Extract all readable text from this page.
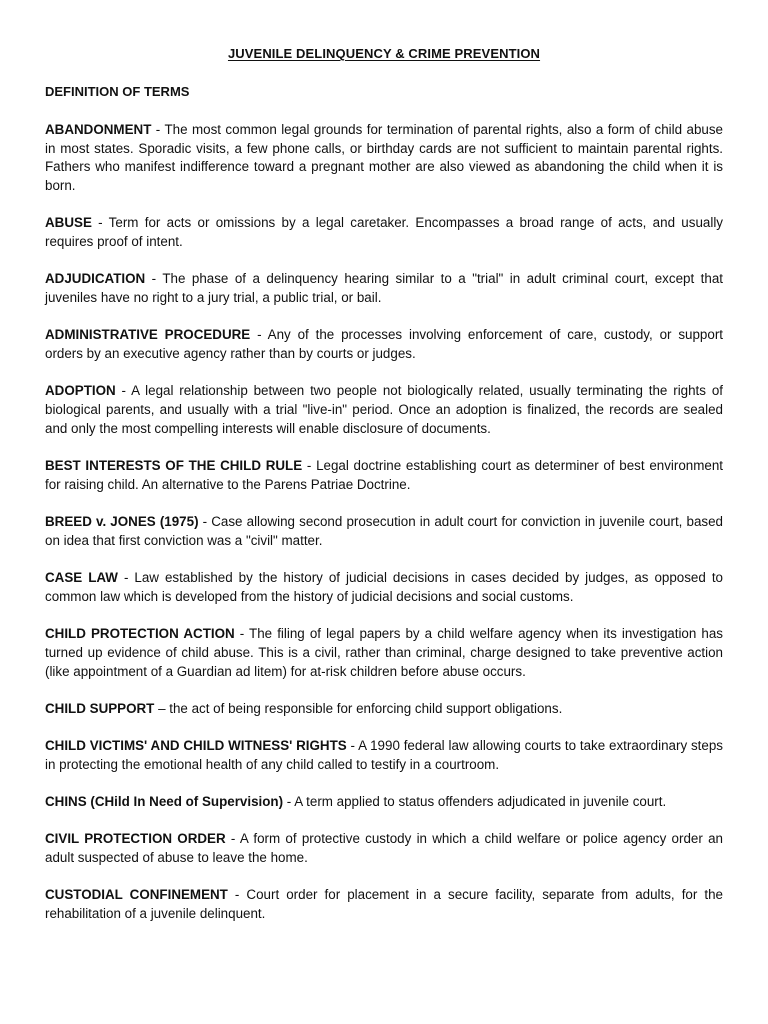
JUVENILE DELINQUENCY & CRIME PREVENTION
DEFINITION OF TERMS

ABANDONMENT - The most common legal grounds for termination of parental rights, also a form of child abuse in most states. Sporadic visits, a few phone calls, or birthday cards are not sufficient to maintain parental rights. Fathers who manifest indifference toward a pregnant mother are also viewed as abandoning the child when it is born.

ABUSE - Term for acts or omissions by a legal caretaker. Encompasses a broad range of acts, and usually requires proof of intent.

ADJUDICATION - The phase of a delinquency hearing similar to a "trial" in adult criminal court, except that juveniles have no right to a jury trial, a public trial, or bail.

ADMINISTRATIVE PROCEDURE - Any of the processes involving enforcement of care, custody, or support orders by an executive agency rather than by courts or judges.

ADOPTION - A legal relationship between two people not biologically related, usually terminating the rights of biological parents, and usually with a trial "live-in" period. Once an adoption is finalized, the records are sealed and only the most compelling interests will enable disclosure of documents.

BEST INTERESTS OF THE CHILD RULE - Legal doctrine establishing court as determiner of best environment for raising child. An alternative to the Parens Patriae Doctrine.

BREED v. JONES (1975) - Case allowing second prosecution in adult court for conviction in juvenile court, based on idea that first conviction was a "civil" matter.

CASE LAW - Law established by the history of judicial decisions in cases decided by judges, as opposed to common law which is developed from the history of judicial decisions and social customs.

CHILD PROTECTION ACTION - The filing of legal papers by a child welfare agency when its investigation has turned up evidence of child abuse. This is a civil, rather than criminal, charge designed to take preventive action (like appointment of a Guardian ad litem) for at-risk children before abuse occurs.

CHILD SUPPORT – the act of being responsible for enforcing child support obligations.

CHILD VICTIMS' AND CHILD WITNESS' RIGHTS - A 1990 federal law allowing courts to take extraordinary steps in protecting the emotional health of any child called to testify in a courtroom.

CHINS (CHild In Need of Supervision) - A term applied to status offenders adjudicated in juvenile court.

CIVIL PROTECTION ORDER - A form of protective custody in which a child welfare or police agency order an adult suspected of abuse to leave the home.

CUSTODIAL CONFINEMENT - Court order for placement in a secure facility, separate from adults, for the rehabilitation of a juvenile delinquent.
